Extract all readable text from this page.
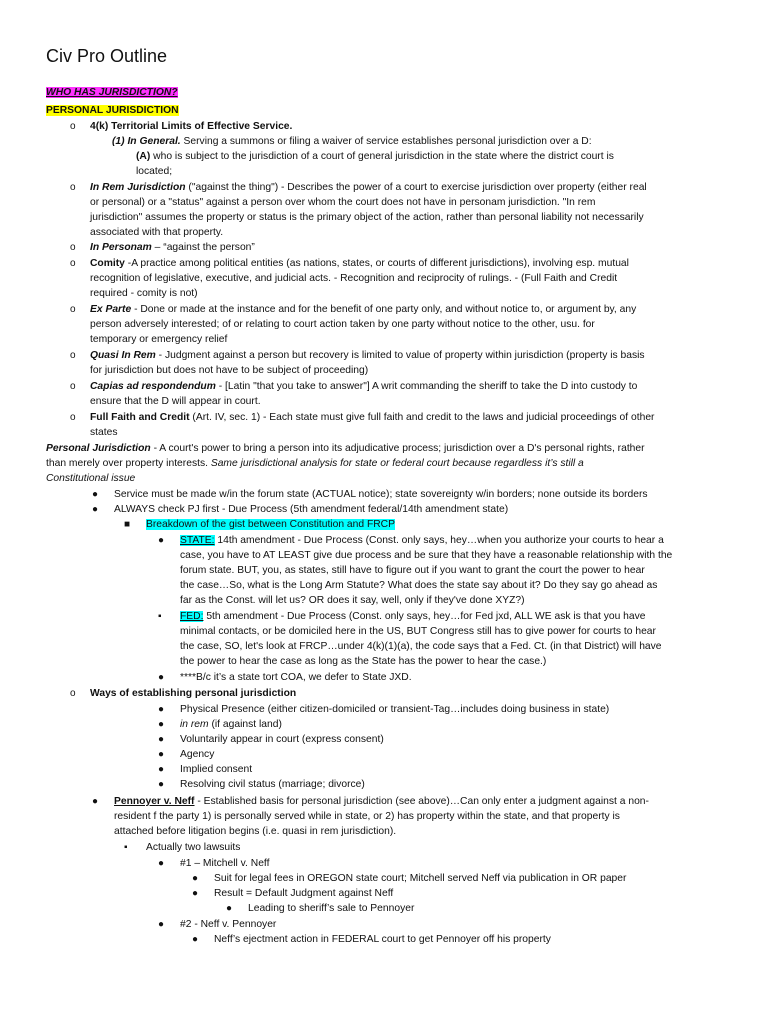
Civ Pro Outline
WHO HAS JURISDICTION?
PERSONAL JURISDICTION
o 4(k) Territorial Limits of Effective Service.
(1) In General. Serving a summons or filing a waiver of service establishes personal jurisdiction over a D:
(A) who is subject to the jurisdiction of a court of general jurisdiction in the state where the district court is
located;
o In Rem Jurisdiction ("against the thing") - Describes the power of a court to exercise jurisdiction over property (either real
or personal) or a "status" against a person over whom the court does not have in personam jurisdiction. "In rem
jurisdiction" assumes the property or status is the primary object of the action, rather than personal liability not necessarily
associated with that property.
o In Personam – “against the person”
o Comity -A practice among political entities (as nations, states, or courts of different jurisdictions), involving esp. mutual
recognition of legislative, executive, and judicial acts. - Recognition and reciprocity of rulings. - (Full Faith and Credit
required - comity is not)
o Ex Parte - Done or made at the instance and for the benefit of one party only, and without notice to, or argument by, any
person adversely interested; of or relating to court action taken by one party without notice to the other, usu. for
temporary or emergency relief
o Quasi In Rem - Judgment against a person but recovery is limited to value of property within jurisdiction (property is basis
for jurisdiction but does not have to be subject of proceeding)
o Capias ad respondendum - [Latin "that you take to answer"] A writ commanding the sheriff to take the D into custody to
ensure that the D will appear in court.
o Full Faith and Credit (Art. IV, sec. 1) - Each state must give full faith and credit to the laws and judicial proceedings of other
states
Personal Jurisdiction - A court's power to bring a person into its adjudicative process; jurisdiction over a D's personal rights, rather
than merely over property interests. Same jurisdictional analysis for state or federal court because regardless it’s still a
Constitutional issue
● Service must be made w/in the forum state (ACTUAL notice); state sovereignty w/in borders; none outside its borders
● ALWAYS check PJ first - Due Process (5th amendment federal/14th amendment state)
■ Breakdown of the gist between Constitution and FRCP
● STATE: 14th amendment - Due Process (Const. only says, hey…when you authorize your courts to hear a
case, you have to AT LEAST give due process and be sure that they have a reasonable relationship with the
forum state. BUT, you, as states, still have to figure out if you want to grant the court the power to hear
the case…So, what is the Long Arm Statute? What does the state say about it? Do they say go ahead as
far as the Const. will let us? OR does it say, well, only if they've done XYZ?)
▪ FED: 5th amendment - Due Process (Const. only says, hey…for Fed jxd, ALL WE ask is that you have
minimal contacts, or be domiciled here in the US, BUT Congress still has to give power for courts to hear
the case, SO, let's look at FRCP…under 4(k)(1)(a), the code says that a Fed. Ct. (in that District) will have
the power to hear the case as long as the State has the power to hear the case.)
● ****B/c it’s a state tort COA, we defer to State JXD.
o Ways of establishing personal jurisdiction
● Physical Presence (either citizen-domiciled or transient-Tag…includes doing business in state)
● in rem (if against land)
● Voluntarily appear in court (express consent)
● Agency
● Implied consent
● Resolving civil status (marriage; divorce)
● Pennoyer v. Neff - Established basis for personal jurisdiction (see above)…Can only enter a judgment against a non-
resident f the party 1) is personally served while in state, or 2) has property within the state, and that property is
attached before litigation begins (i.e. quasi in rem jurisdiction).
▪ Actually two lawsuits
● #1 – Mitchell v. Neff
● Suit for legal fees in OREGON state court; Mitchell served Neff via publication in OR paper
● Result = Default Judgment against Neff
● Leading to sheriff’s sale to Pennoyer
● #2 - Neff v. Pennoyer
● Neff’s ejectment action in FEDERAL court to get Pennoyer off his property
